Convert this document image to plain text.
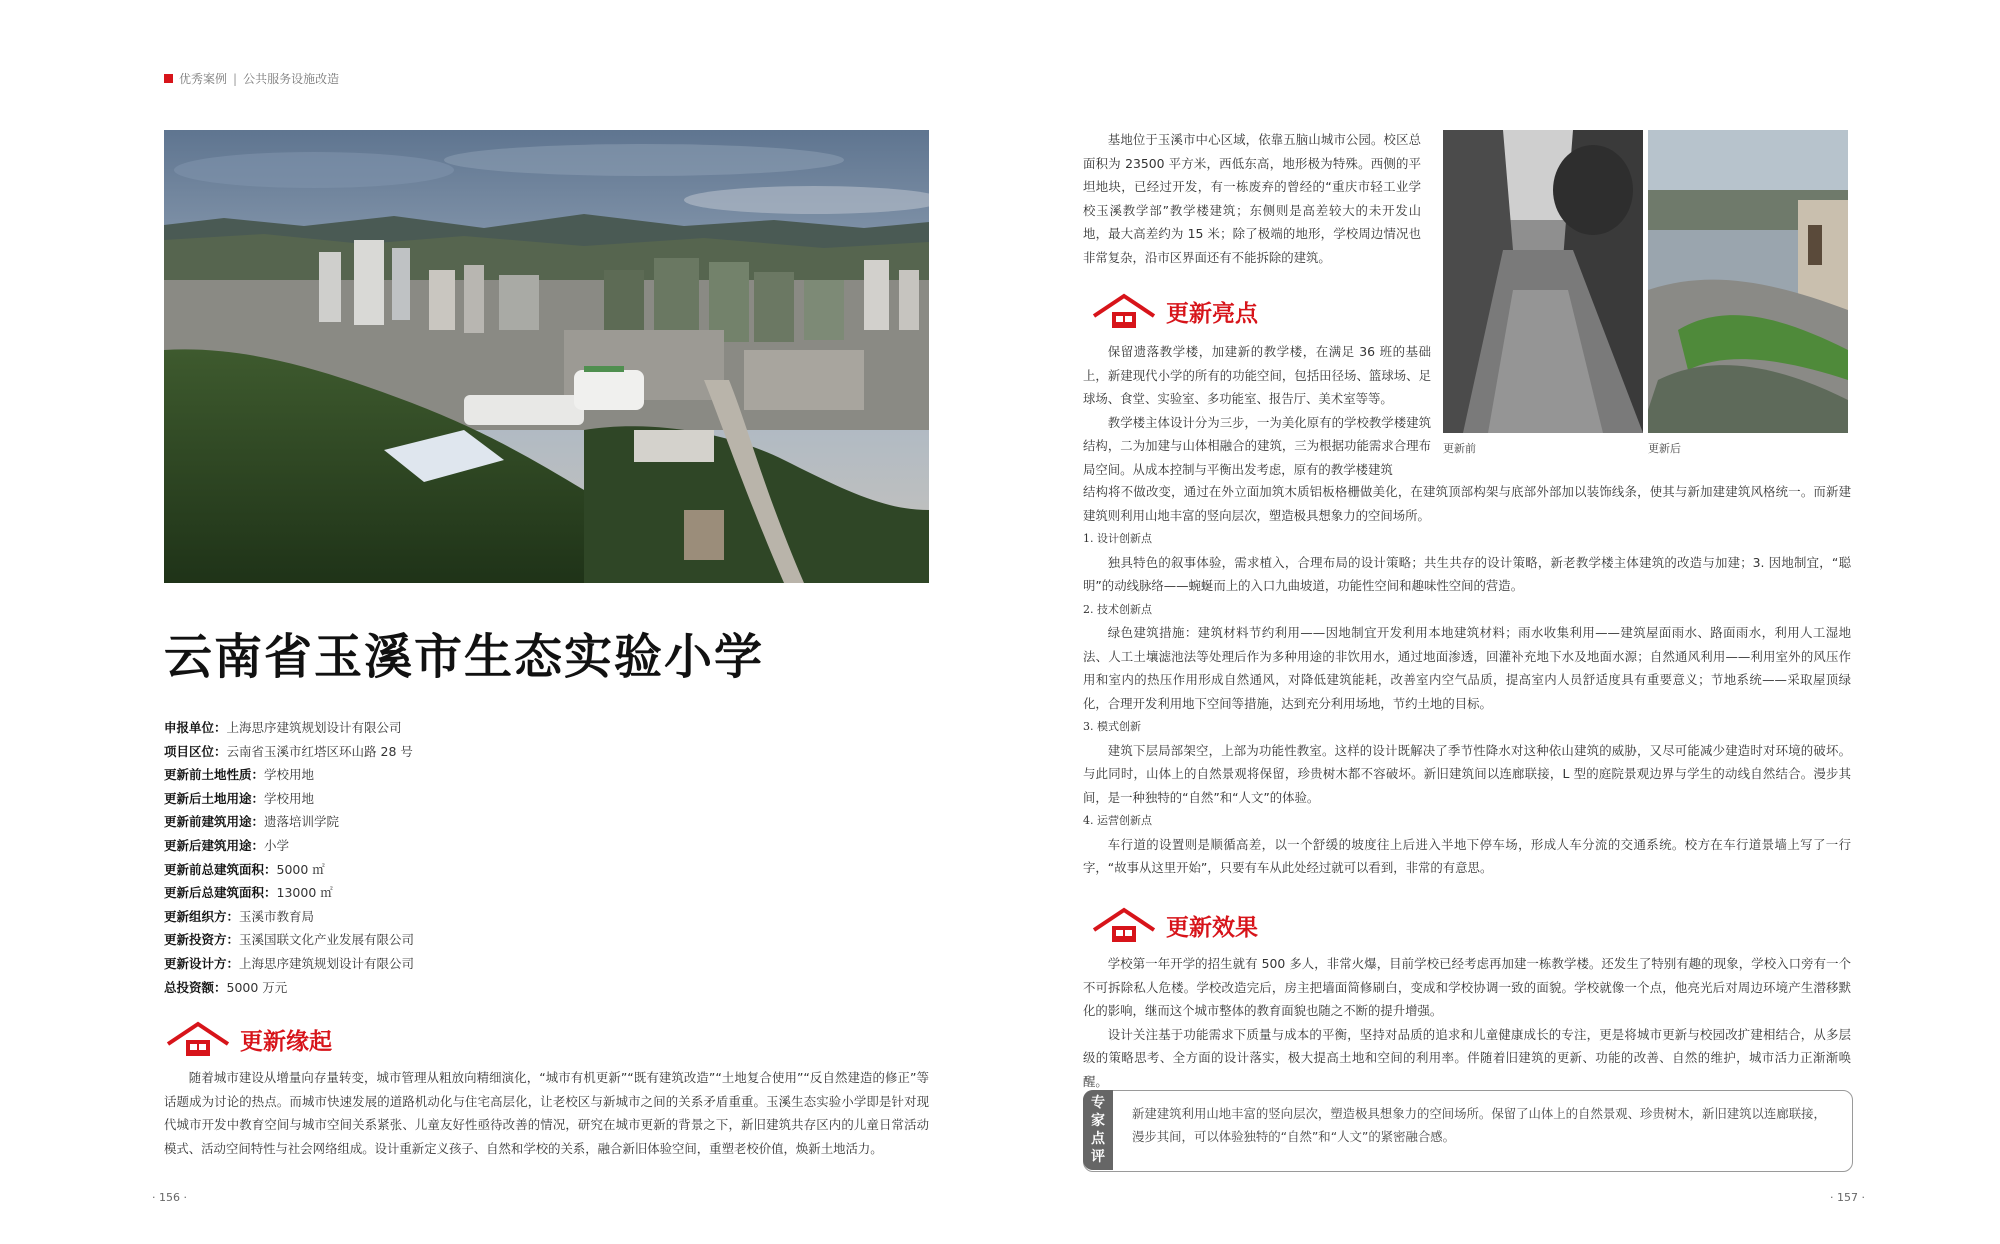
优秀案例 | 公共服务设施改造
云南省玉溪市生态实验小学
申报单位：上海思序建筑规划设计有限公司
项目区位：云南省玉溪市红塔区环山路 28 号
更新前土地性质：学校用地
更新后土地用途：学校用地
更新前建筑用途：遗落培训学院
更新后建筑用途：小学
更新前总建筑面积：5000 ㎡
更新后总建筑面积：13000 ㎡
更新组织方：玉溪市教育局
更新投资方：玉溪国联文化产业发展有限公司
更新设计方：上海思序建筑规划设计有限公司
总投资额：5000 万元
更新缘起

随着城市建设从增量向存量转变，城市管理从粗放向精细演化，“城市有机更新”“既有建筑改造”“土地复合使用”“反自然建造的修正”等话题成为讨论的热点。而城市快速发展的道路机动化与住宅高层化，让老校区与新城市之间的关系矛盾重重。玉溪生态实验小学即是针对现代城市开发中教育空间与城市空间关系紧张、儿童友好性亟待改善的情况，研究在城市更新的背景之下，新旧建筑共存区内的儿童日常活动模式、活动空间特性与社会网络组成。设计重新定义孩子、自然和学校的关系，融合新旧体验空间，重塑老校价值，焕新土地活力。

· 156 ·

基地位于玉溪市中心区域，依靠五脑山城市公园。校区总面积为 23500 平方米，西低东高，地形极为特殊。西侧的平坦地块，已经过开发，有一栋废弃的曾经的“重庆市轻工业学校玉溪教学部”教学楼建筑；东侧则是高差较大的未开发山地，最大高差约为 15 米；除了极端的地形，学校周边情况也非常复杂，沿市区界面还有不能拆除的建筑。

更新前	更新后
更新亮点

保留遗落教学楼，加建新的教学楼，在满足 36 班的基础上，新建现代小学的所有的功能空间，包括田径场、篮球场、足球场、食堂、实验室、多功能室、报告厅、美术室等等。

教学楼主体设计分为三步，一为美化原有的学校教学楼建筑结构，二为加建与山体相融合的建筑，三为根据功能需求合理布局空间。从成本控制与平衡出发考虑，原有的教学楼建筑

结构将不做改变，通过在外立面加筑木质铝板格栅做美化，在建筑顶部构架与底部外部加以装饰线条，使其与新加建建筑风格统一。而新建建筑则利用山地丰富的竖向层次，塑造极具想象力的空间场所。

1. 设计创新点

独具特色的叙事体验，需求植入，合理布局的设计策略；共生共存的设计策略，新老教学楼主体建筑的改造与加建；3. 因地制宜，“聪明”的动线脉络——蜿蜒而上的入口九曲坡道，功能性空间和趣味性空间的营造。

2. 技术创新点

绿色建筑措施：建筑材料节约利用——因地制宜开发利用本地建筑材料；雨水收集利用——建筑屋面雨水、路面雨水，利用人工湿地法、人工土壤滤池法等处理后作为多种用途的非饮用水，通过地面渗透，回灌补充地下水及地面水源；自然通风利用——利用室外的风压作用和室内的热压作用形成自然通风，对降低建筑能耗，改善室内空气品质，提高室内人员舒适度具有重要意义；节地系统——采取屋顶绿化，合理开发利用地下空间等措施，达到充分利用场地，节约土地的目标。

3. 模式创新

建筑下层局部架空，上部为功能性教室。这样的设计既解决了季节性降水对这种依山建筑的威胁，又尽可能减少建造时对环境的破坏。与此同时，山体上的自然景观将保留，珍贵树木都不容破坏。新旧建筑间以连廊联接，L 型的庭院景观边界与学生的动线自然结合。漫步其间，是一种独特的“自然”和“人文”的体验。

4. 运营创新点

车行道的设置则是顺循高差，以一个舒缓的坡度往上后进入半地下停车场，形成人车分流的交通系统。校方在车行道景墙上写了一行字，“故事从这里开始”，只要有车从此处经过就可以看到，非常的有意思。

更新效果

学校第一年开学的招生就有 500 多人，非常火爆，目前学校已经考虑再加建一栋教学楼。还发生了特别有趣的现象，学校入口旁有一个不可拆除私人危楼。学校改造完后，房主把墙面简修刷白，变成和学校协调一致的面貌。学校就像一个点，他亮光后对周边环境产生潜移默化的影响，继而这个城市整体的教育面貌也随之不断的提升增强。

设计关注基于功能需求下质量与成本的平衡，坚持对品质的追求和儿童健康成长的专注，更是将城市更新与校园改扩建相结合，从多层级的策略思考、全方面的设计落实，极大提高土地和空间的利用率。伴随着旧建筑的更新、功能的改善、自然的维护，城市活力正渐渐唤醒。

专
家
点
评
新建建筑利用山地丰富的竖向层次，塑造极具想象力的空间场所。保留了山体上的自然景观、珍贵树木，新旧建筑以连廊联接，漫步其间，可以体验独特的“自然”和“人文”的紧密融合感。
· 157 ·
